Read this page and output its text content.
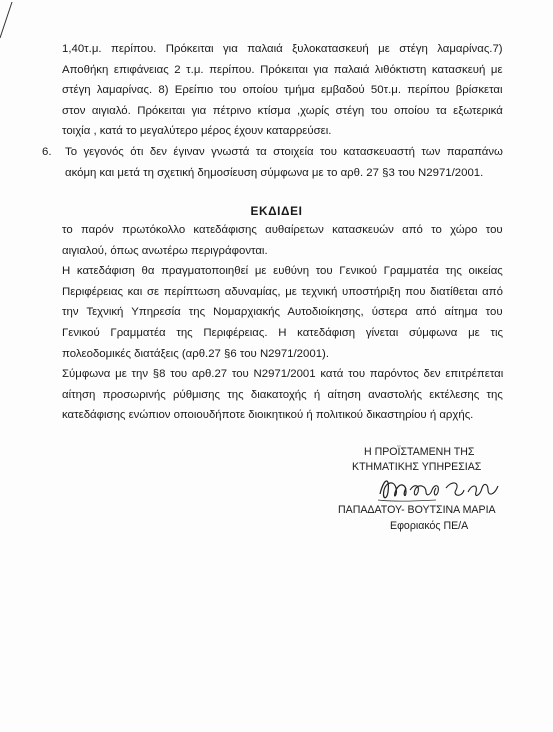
1,40τ.μ. περίπου. Πρόκειται για παλαιά ξυλοκατασκευή με στέγη λαμαρίνας.7)
Αποθήκη επιφάνειας 2 τ.μ. περίπου. Πρόκειται για παλαιά λιθόκτιστη κατασκευή με
στέγη λαμαρίνας. 8) Ερείπιο του οποίου τμήμα εμβαδού 50τ.μ. περίπου βρίσκεται
στον αιγιαλό. Πρόκειται για πέτρινο κτίσμα ,χωρίς στέγη του οποίου τα εξωτερικά
τοιχία , κατά το μεγαλύτερο μέρος έχουν καταρρεύσει.
6. Το γεγονός ότι δεν έγιναν γνωστά τα στοιχεία του κατασκευαστή των παραπάνω
ακόμη και μετά τη σχετική δημοσίευση σύμφωνα με το αρθ. 27 §3 του Ν2971/2001.
ΕΚΔΙΔΕΙ
το παρόν πρωτόκολλο κατεδάφισης αυθαίρετων κατασκευών από το χώρο του
αιγιαλού, όπως ανωτέρω περιγράφονται.
Η κατεδάφιση θα πραγματοποιηθεί με ευθύνη του Γενικού Γραμματέα της οικείας
Περιφέρειας και σε περίπτωση αδυναμίας, με τεχνική υποστήριξη που διατίθεται από
την Τεχνική Υπηρεσία της Νομαρχιακής Αυτοδιοίκησης, ύστερα από αίτημα του
Γενικού Γραμματέα της Περιφέρειας. Η κατεδάφιση γίνεται σύμφωνα με τις
πολεοδομικές διατάξεις (αρθ.27 §6 του Ν2971/2001).
Σύμφωνα με την §8 του αρθ.27 του Ν2971/2001 κατά του παρόντος δεν επιτρέπεται
αίτηση προσωρινής ρύθμισης της διακατοχής ή αίτηση αναστολής εκτέλεσης της
κατεδάφισης ενώπιον οποιουδήποτε διοικητικού ή πολιτικού δικαστηρίου ή αρχής.
Η ΠΡΟΪΣΤΑΜΕΝΗ ΤΗΣ
ΚΤΗΜΑΤΙΚΗΣ ΥΠΗΡΕΣΙΑΣ
ΠΑΠΑΔΑΤΟΥ- ΒΟΥΤΣΙΝΑ ΜΑΡΙΑ
Εφοριακός ΠΕ/Α
